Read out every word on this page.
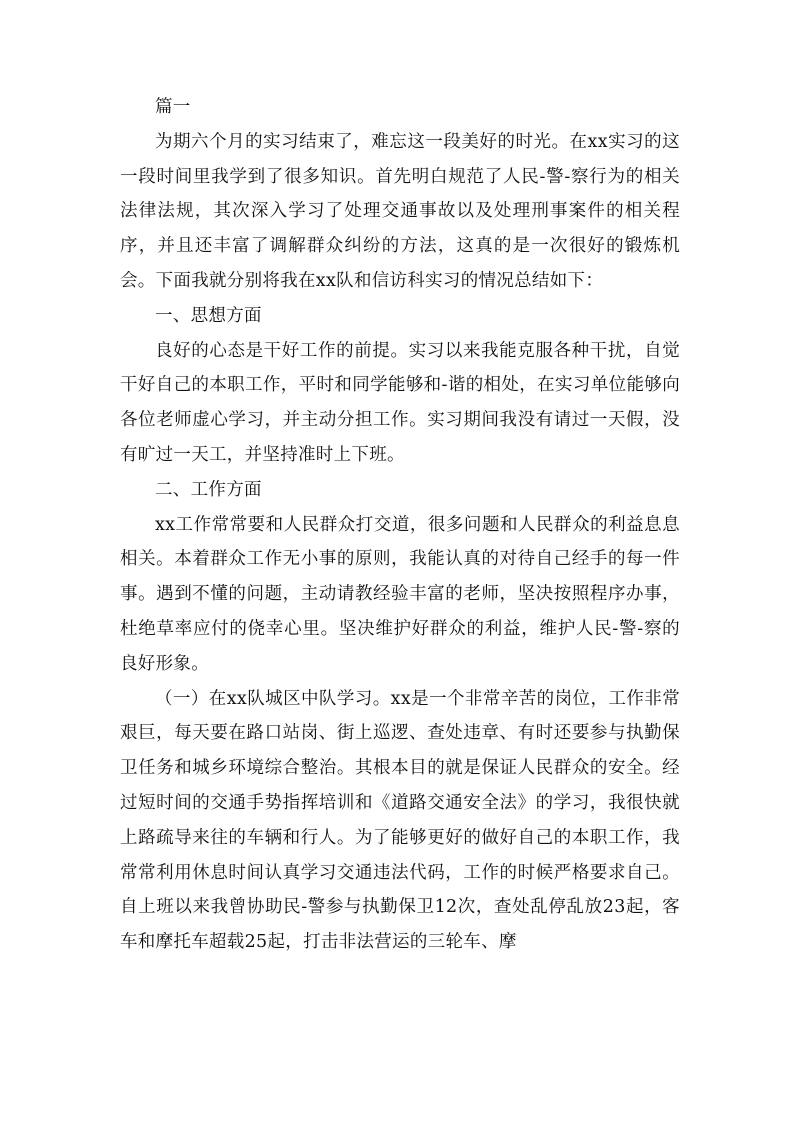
篇一

为期六个月的实习结束了，难忘这一段美好的时光。在xx实习的这一段时间里我学到了很多知识。首先明白规范了人民-警-察行为的相关法律法规，其次深入学习了处理交通事故以及处理刑事案件的相关程序，并且还丰富了调解群众纠纷的方法，这真的是一次很好的锻炼机会。下面我就分别将我在xx队和信访科实习的情况总结如下：

一、思想方面

良好的心态是干好工作的前提。实习以来我能克服各种干扰，自觉干好自己的本职工作，平时和同学能够和-谐的相处，在实习单位能够向各位老师虚心学习，并主动分担工作。实习期间我没有请过一天假，没有旷过一天工，并坚持准时上下班。

二、工作方面

xx工作常常要和人民群众打交道，很多问题和人民群众的利益息息相关。本着群众工作无小事的原则，我能认真的对待自己经手的每一件事。遇到不懂的问题，主动请教经验丰富的老师，坚决按照程序办事，杜绝草率应付的侥幸心里。坚决维护好群众的利益，维护人民-警-察的良好形象。

（一）在xx队城区中队学习。xx是一个非常辛苦的岗位，工作非常艰巨，每天要在路口站岗、街上巡逻、查处违章、有时还要参与执勤保卫任务和城乡环境综合整治。其根本目的就是保证人民群众的安全。经过短时间的交通手势指挥培训和《道路交通安全法》的学习，我很快就上路疏导来往的车辆和行人。为了能够更好的做好自己的本职工作，我常常利用休息时间认真学习交通违法代码，工作的时候严格要求自己。自上班以来我曾协助民-警参与执勤保卫12次，查处乱停乱放23起，客车和摩托车超载25起，打击非法营运的三轮车、摩
